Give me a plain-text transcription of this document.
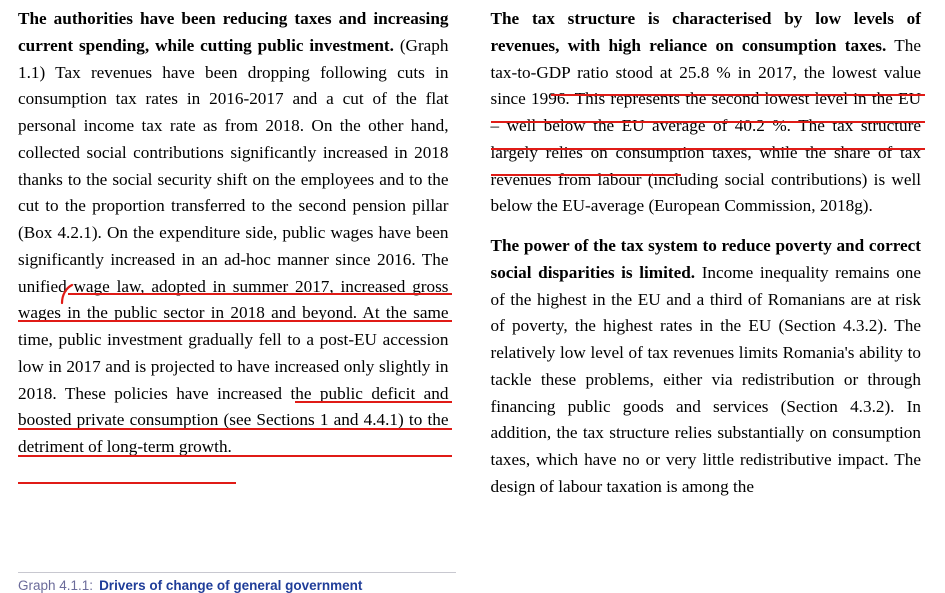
The authorities have been reducing taxes and increasing current spending, while cutting public investment. (Graph 1.1) Tax revenues have been dropping following cuts in consumption tax rates in 2016-2017 and a cut of the flat personal income tax rate as from 2018. On the other hand, collected social contributions significantly increased in 2018 thanks to the social security shift on the employees and to the cut to the proportion transferred to the second pension pillar (Box 4.2.1). On the expenditure side, public wages have been significantly increased in an ad-hoc manner since 2016. The unified wage law, adopted in summer 2017, increased gross wages in the public sector in 2018 and beyond. At the same time, public investment gradually fell to a post-EU accession low in 2017 and is projected to have increased only slightly in 2018. These policies have increased the public deficit and boosted private consumption (see Sections 1 and 4.4.1) to the detriment of long-term growth.

The tax structure is characterised by low levels of revenues, with high reliance on consumption taxes. The tax-to-GDP ratio stood at 25.8 % in 2017, the lowest value since 1996. This represents the second lowest level in the EU – well below the EU average of 40.2 %. The tax structure largely relies on consumption taxes, while the share of tax revenues from labour (including social contributions) is well below the EU-average (European Commission, 2018g).

The power of the tax system to reduce poverty and correct social disparities is limited. Income inequality remains one of the highest in the EU and a third of Romanians are at risk of poverty, the highest rates in the EU (Section 4.3.2). The relatively low level of tax revenues limits Romania's ability to tackle these problems, either via redistribution or through financing public goods and services (Section 4.3.2). In addition, the tax structure relies substantially on consumption taxes, which have no or very little redistributive impact. The design of labour taxation is among the

Graph 4.1.1: Drivers of change of general government
